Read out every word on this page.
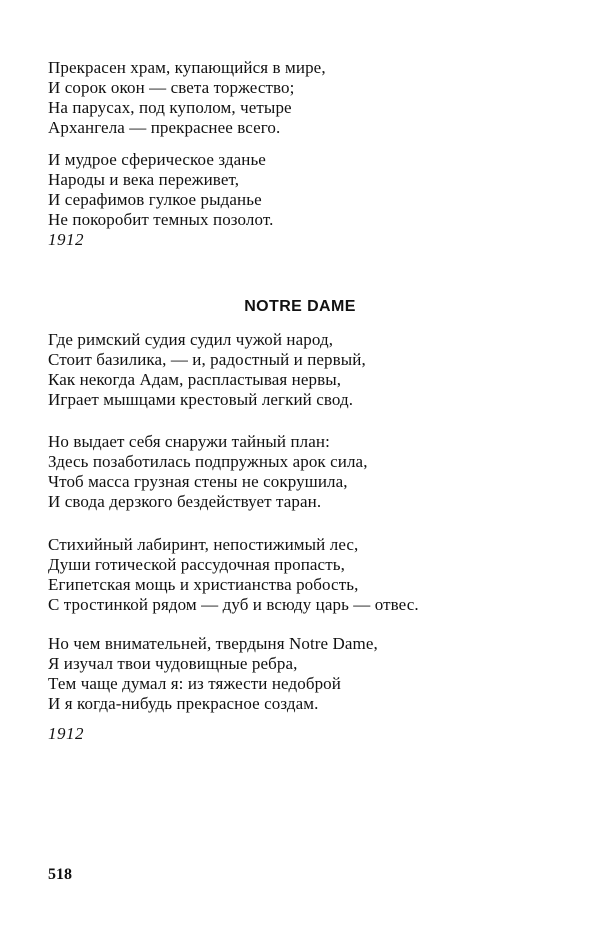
Прекрасен храм, купающийся в мире,
И сорок окон — света торжество;
На парусах, под куполом, четыре
Архангела — прекраснее всего.
И мудрое сферическое зданье
Народы и века переживет,
И серафимов гулкое рыданье
Не покоробит темных позолот.
1912
NOTRE DAME
Где римский судия судил чужой народ,
Стоит базилика, — и, радостный и первый,
Как некогда Адам, распластывая нервы,
Играет мышцами крестовый легкий свод.
Но выдает себя снаружи тайный план:
Здесь позаботилась подпружных арок сила,
Чтоб масса грузная стены не сокрушила,
И свода дерзкого бездействует таран.
Стихийный лабиринт, непостижимый лес,
Души готической рассудочная пропасть,
Египетская мощь и христианства робость,
С тростинкой рядом — дуб и всюду царь — отвес.
Но чем внимательней, твердыня Notre Dame,
Я изучал твои чудовищные ребра,
Тем чаще думал я: из тяжести недоброй
И я когда-нибудь прекрасное создам.
1912
518
